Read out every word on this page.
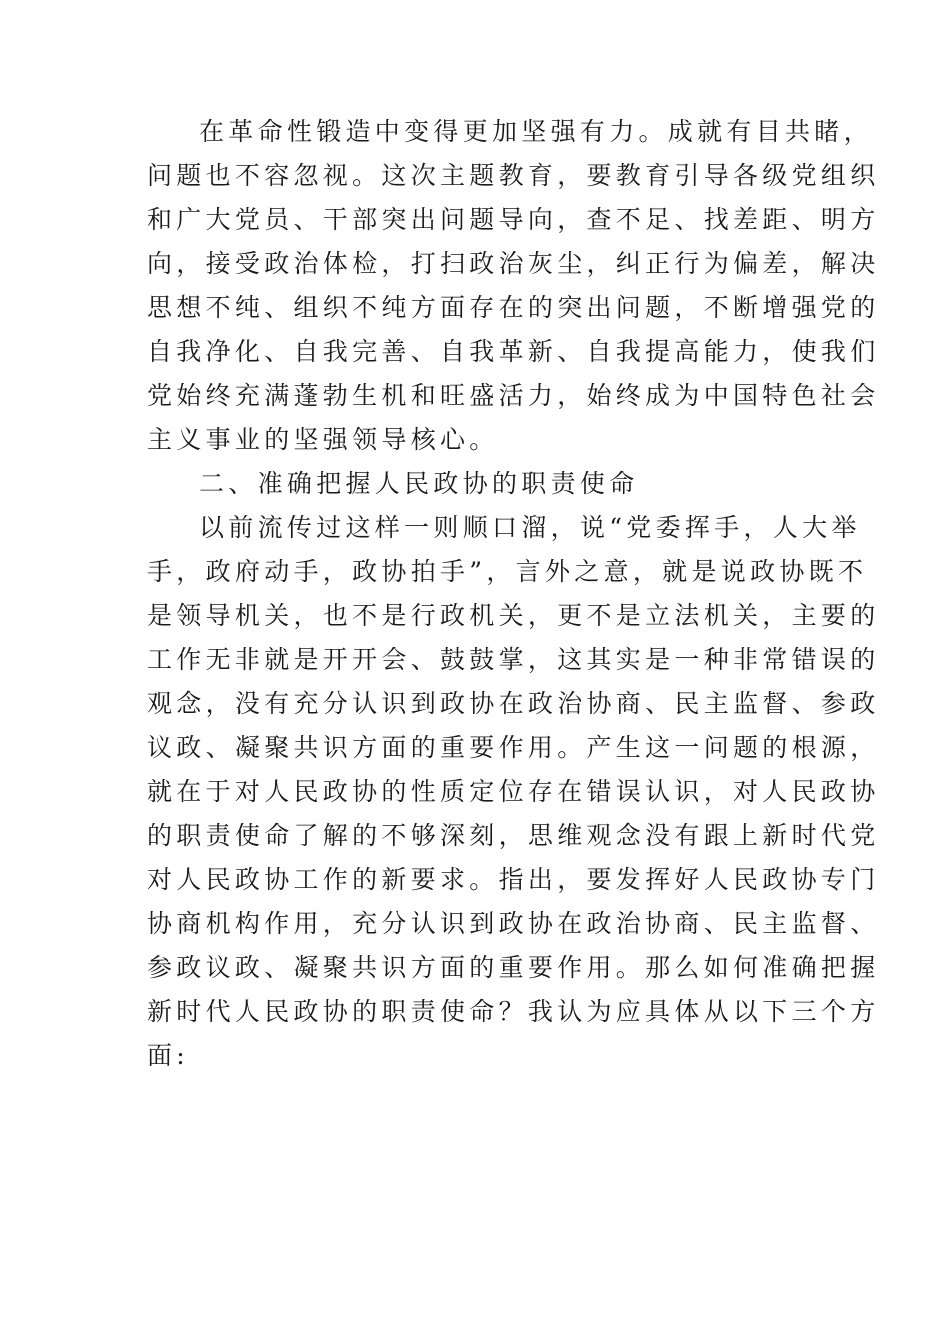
在革命性锻造中变得更加坚强有力。成就有目共睹，
问题也不容忽视。这次主题教育，要教育引导各级党组织
和广大党员、干部突出问题导向，查不足、找差距、明方
向，接受政治体检，打扫政治灰尘，纠正行为偏差，解决
思想不纯、组织不纯方面存在的突出问题，不断增强党的
自我净化、自我完善、自我革新、自我提高能力，使我们
党始终充满蓬勃生机和旺盛活力，始终成为中国特色社会
主义事业的坚强领导核心。
二、准确把握人民政协的职责使命
以前流传过这样一则顺口溜，说“党委挥手，人大举
手，政府动手，政协拍手”，言外之意，就是说政协既不
是领导机关，也不是行政机关，更不是立法机关，主要的
工作无非就是开开会、鼓鼓掌，这其实是一种非常错误的
观念，没有充分认识到政协在政治协商、民主监督、参政
议政、凝聚共识方面的重要作用。产生这一问题的根源，
就在于对人民政协的性质定位存在错误认识，对人民政协
的职责使命了解的不够深刻，思维观念没有跟上新时代党
对人民政协工作的新要求。指出，要发挥好人民政协专门
协商机构作用，充分认识到政协在政治协商、民主监督、
参政议政、凝聚共识方面的重要作用。那么如何准确把握
新时代人民政协的职责使命？我认为应具体从以下三个方
面:
